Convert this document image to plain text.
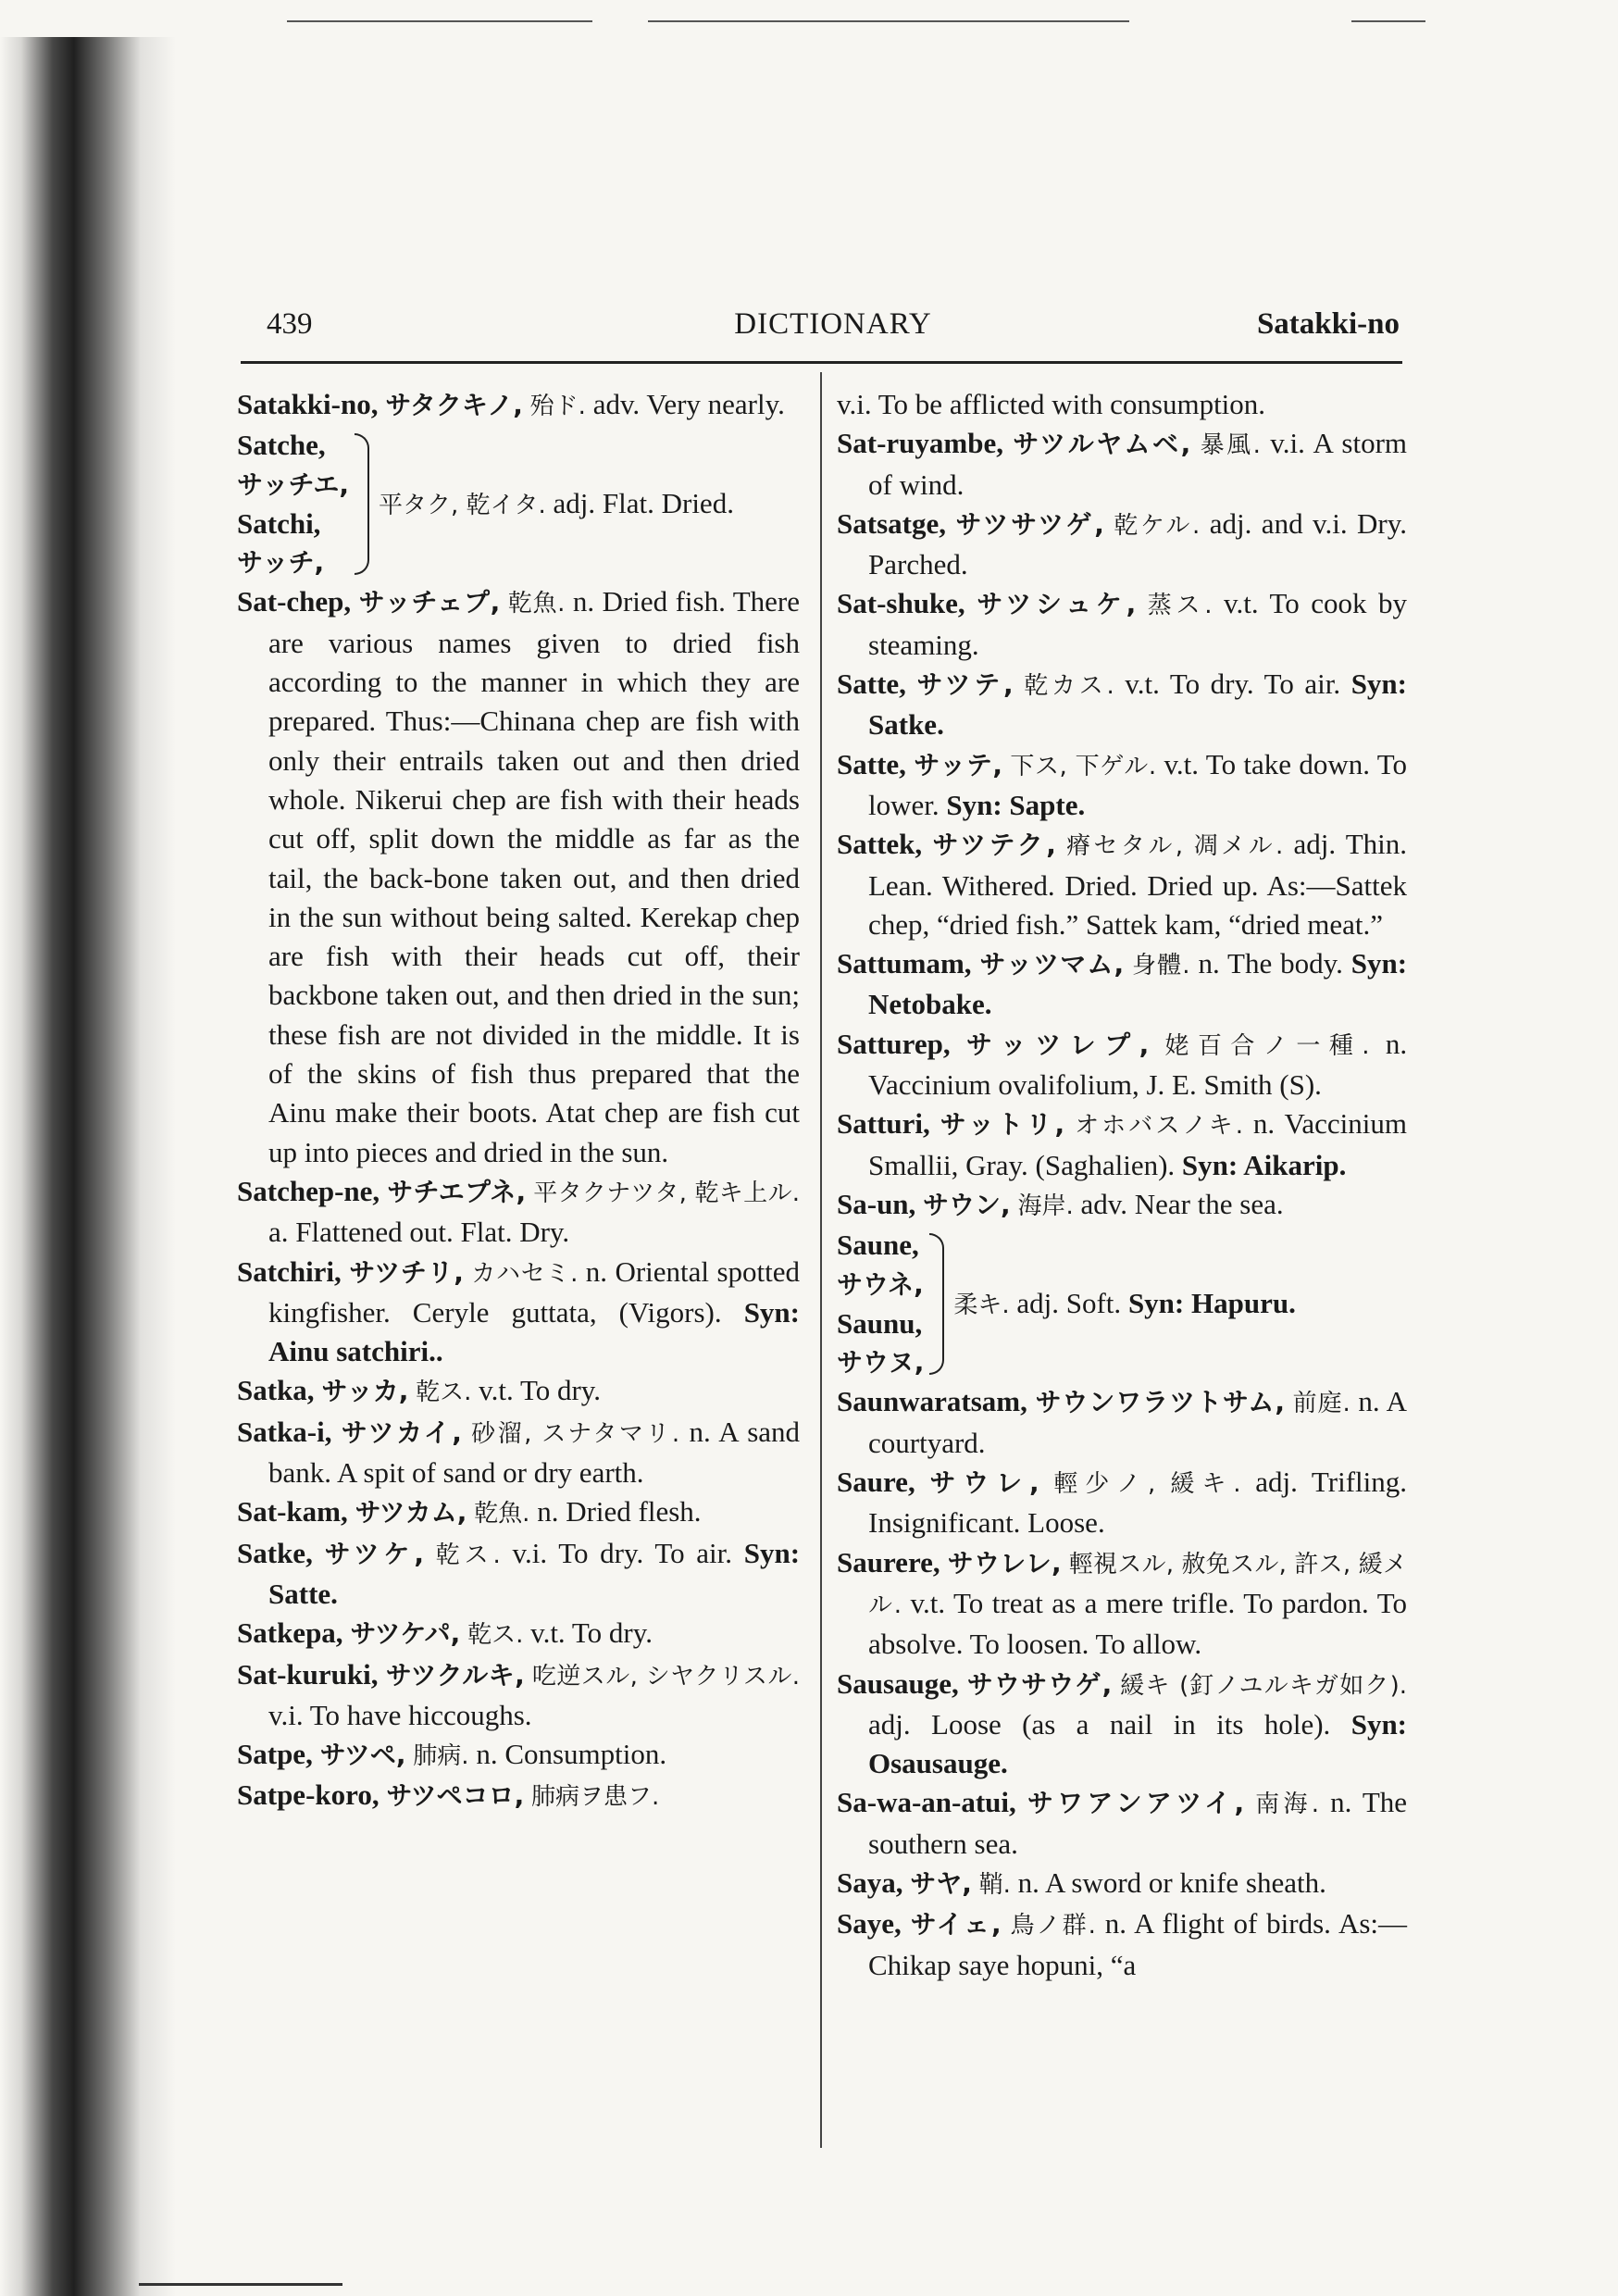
439	DICTIONARY	Satakki-no

Satakki-no, サタクキノ, 殆ド. adv. Very nearly.

Satche,
サッチエ,
Satchi,
サッチ,
平タク, 乾イタ. adj. Flat. Dried.

Sat-chep, サッチェプ, 乾魚. n. Dried fish. There are various names given to dried fish according to the manner in which they are prepared. Thus:—Chinana chep are fish with only their entrails taken out and then dried whole. Nikerui chep are fish with their heads cut off, split down the middle as far as the tail, the back-bone taken out, and then dried in the sun without being salted. Kerekap chep are fish with their heads cut off, their backbone taken out, and then dried in the sun; these fish are not divided in the middle. It is of the skins of fish thus prepared that the Ainu make their boots. Atat chep are fish cut up into pieces and dried in the sun.

Satchep-ne, サチエプネ, 平タクナツタ, 乾キ上ル. a. Flattened out. Flat. Dry.

Satchiri, サツチリ, カハセミ. n. Oriental spotted kingfisher. Ceryle guttata, (Vigors). Syn: Ainu satchiri..

Satka, サッカ, 乾ス. v.t. To dry.

Satka-i, サツカイ, 砂溜, スナタマリ. n. A sand bank. A spit of sand or dry earth.

Sat-kam, サツカム, 乾魚. n. Dried flesh.

Satke, サツケ, 乾ス. v.i. To dry. To air. Syn: Satte.

Satkepa, サツケパ, 乾ス. v.t. To dry.

Sat-kuruki, サツクルキ, 吃逆スル, シヤクリスル. v.i. To have hiccoughs.

Satpe, サツペ, 肺病. n. Consumption.

Satpe-koro, サツペコロ, 肺病ヲ患フ.

v.i. To be afflicted with consumption.

Sat-ruyambe, サツルヤムベ, 暴風. v.i. A storm of wind.

Satsatge, サツサツゲ, 乾ケル. adj. and v.i. Dry. Parched.

Sat-shuke, サツシュケ, 蒸ス. v.t. To cook by steaming.

Satte, サツテ, 乾カス. v.t. To dry. To air. Syn: Satke.

Satte, サッテ, 下ス, 下ゲル. v.t. To take down. To lower. Syn: Sapte.

Sattek, サツテク, 瘠セタル, 凋メル. adj. Thin. Lean. Withered. Dried. Dried up. As:—Sattek chep, “dried fish.” Sattek kam, “dried meat.”

Sattumam, サッツマム, 身體. n. The body. Syn: Netobake.

Satturep, サッツレプ, 姥百合ノ一種. n. Vaccinium ovalifolium, J. E. Smith (S).

Satturi, サットリ, オホバスノキ. n. Vaccinium Smallii, Gray. (Saghalien). Syn: Aikarip.

Sa-un, サウン, 海岸. adv. Near the sea.

Saune,
サウネ,
Saunu,
サウヌ,
柔キ. adj. Soft. Syn: Hapuru.

Saunwaratsam, サウンワラツトサム, 前庭. n. A courtyard.

Saure, サウレ, 輕少ノ, 緩キ. adj. Trifling. Insignificant. Loose.

Saurere, サウレレ, 輕視スル, 赦免スル, 許ス, 緩メル. v.t. To treat as a mere trifle. To pardon. To absolve. To loosen. To allow.

Sausauge, サウサウゲ, 緩キ (釘ノユルキガ如ク). adj. Loose (as a nail in its hole). Syn: Osausauge.

Sa-wa-an-atui, サワアンアツイ, 南海. n. The southern sea.

Saya, サヤ, 鞘. n. A sword or knife sheath.

Saye, サイェ, 鳥ノ群. n. A flight of birds. As:—Chikap saye hopuni, “a
